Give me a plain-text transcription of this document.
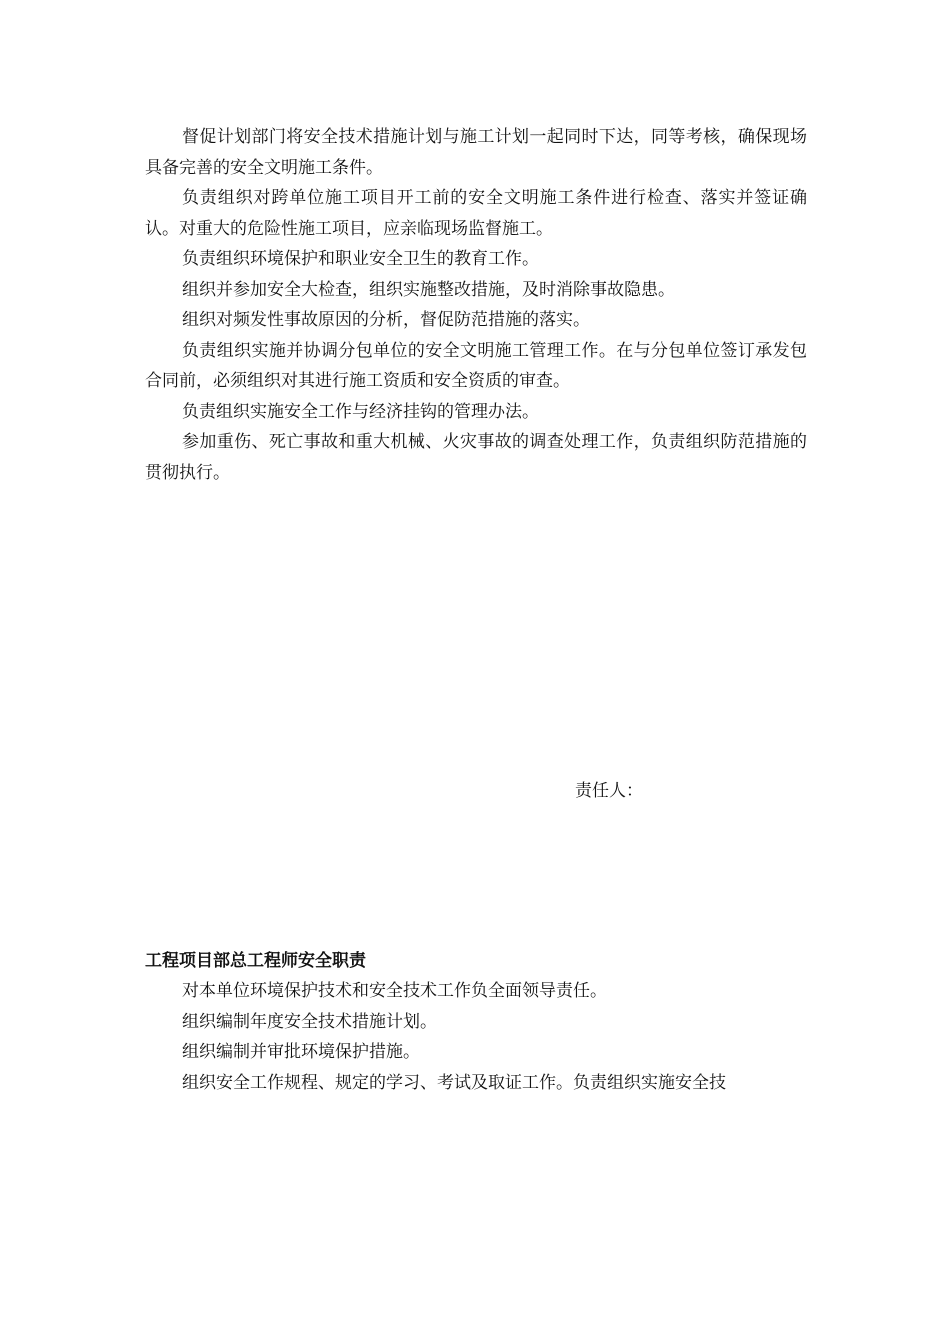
督促计划部门将安全技术措施计划与施工计划一起同时下达，同等考核，确保现场具备完善的安全文明施工条件。

负责组织对跨单位施工项目开工前的安全文明施工条件进行检查、落实并签证确认。对重大的危险性施工项目，应亲临现场监督施工。

负责组织环境保护和职业安全卫生的教育工作。

组织并参加安全大检查，组织实施整改措施，及时消除事故隐患。

组织对频发性事故原因的分析，督促防范措施的落实。

负责组织实施并协调分包单位的安全文明施工管理工作。在与分包单位签订承发包合同前，必须组织对其进行施工资质和安全资质的审查。

负责组织实施安全工作与经济挂钩的管理办法。

参加重伤、死亡事故和重大机械、火灾事故的调查处理工作，负责组织防范措施的贯彻执行。

责任人：
工程项目部总工程师安全职责

对本单位环境保护技术和安全技术工作负全面领导责任。

组织编制年度安全技术措施计划。

组织编制并审批环境保护措施。

组织安全工作规程、规定的学习、考试及取证工作。负责组织实施安全技
